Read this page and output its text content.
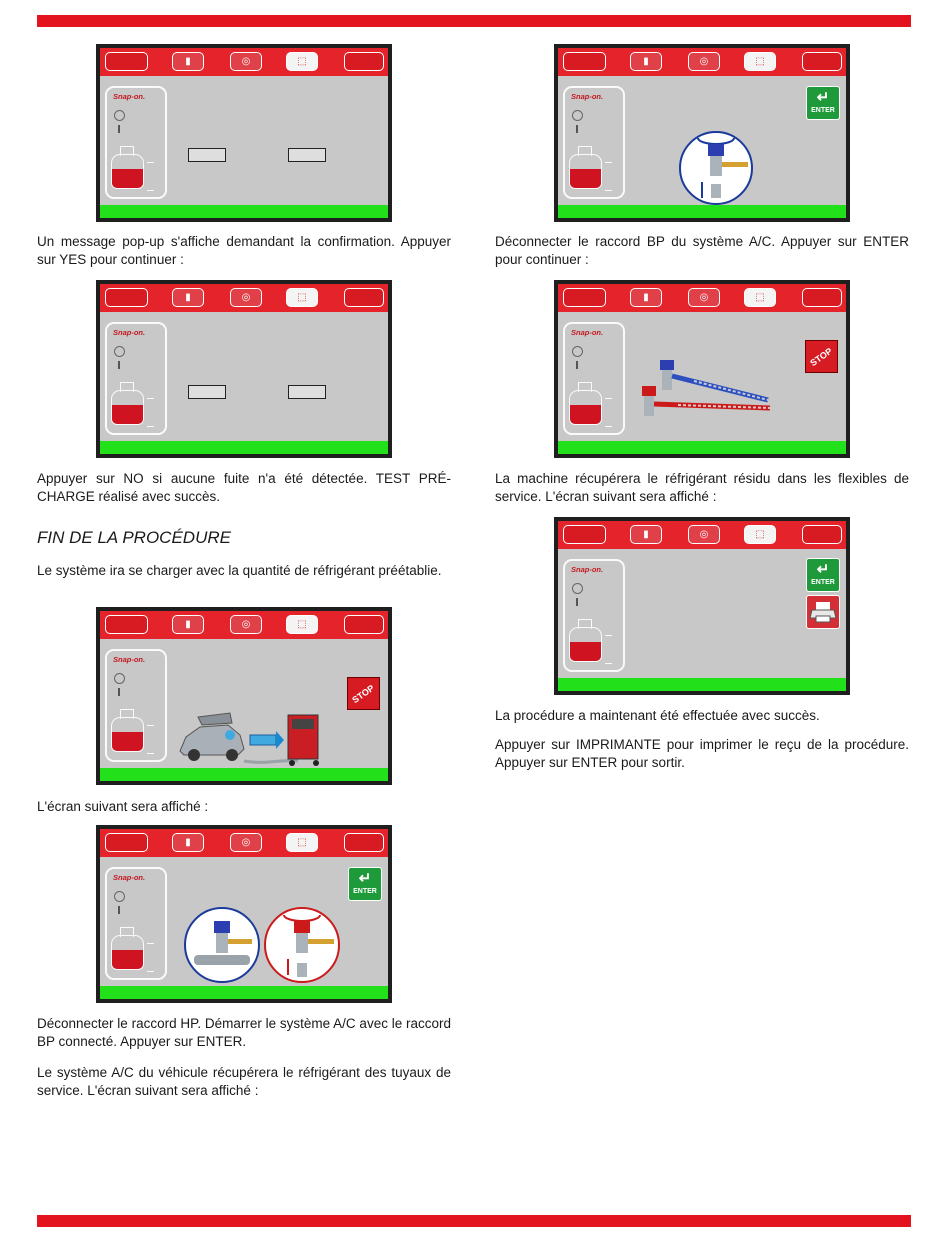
▮	◎	⬚
Snap-on.

Un message pop-up s'affiche demandant la confirmation. Appuyer sur YES pour continuer :

▮	◎	⬚
Snap-on.

Appuyer sur NO si aucune fuite n'a été détectée. TEST PRÉ-CHARGE réalisé avec succès.

FIN DE LA PROCÉDURE

Le système ira se charger avec la quantité de réfrigérant préétablie.

▮	◎	⬚
Snap-on.
STOP

L'écran suivant sera affiché :

▮	◎	⬚
Snap-on.	↵
ENTER

Déconnecter le raccord HP. Démarrer le système A/C avec le raccord BP connecté. Appuyer sur ENTER.

Le système A/C du véhicule récupérera le réfrigérant des tuyaux de service. L'écran suivant sera affiché :

▮	◎	⬚
Snap-on.	↵
ENTER

Déconnecter le raccord BP du système A/C. Appuyer sur ENTER pour continuer :

▮	◎	⬚
Snap-on.
STOP

La machine récupérera le réfrigérant résidu dans les flexibles de service. L'écran suivant sera affiché :

▮	◎	⬚
Snap-on.	↵
ENTER

La procédure a maintenant été effectuée avec succès.

Appuyer sur IMPRIMANTE pour imprimer le reçu de la procédure. Appuyer sur ENTER pour sortir.
